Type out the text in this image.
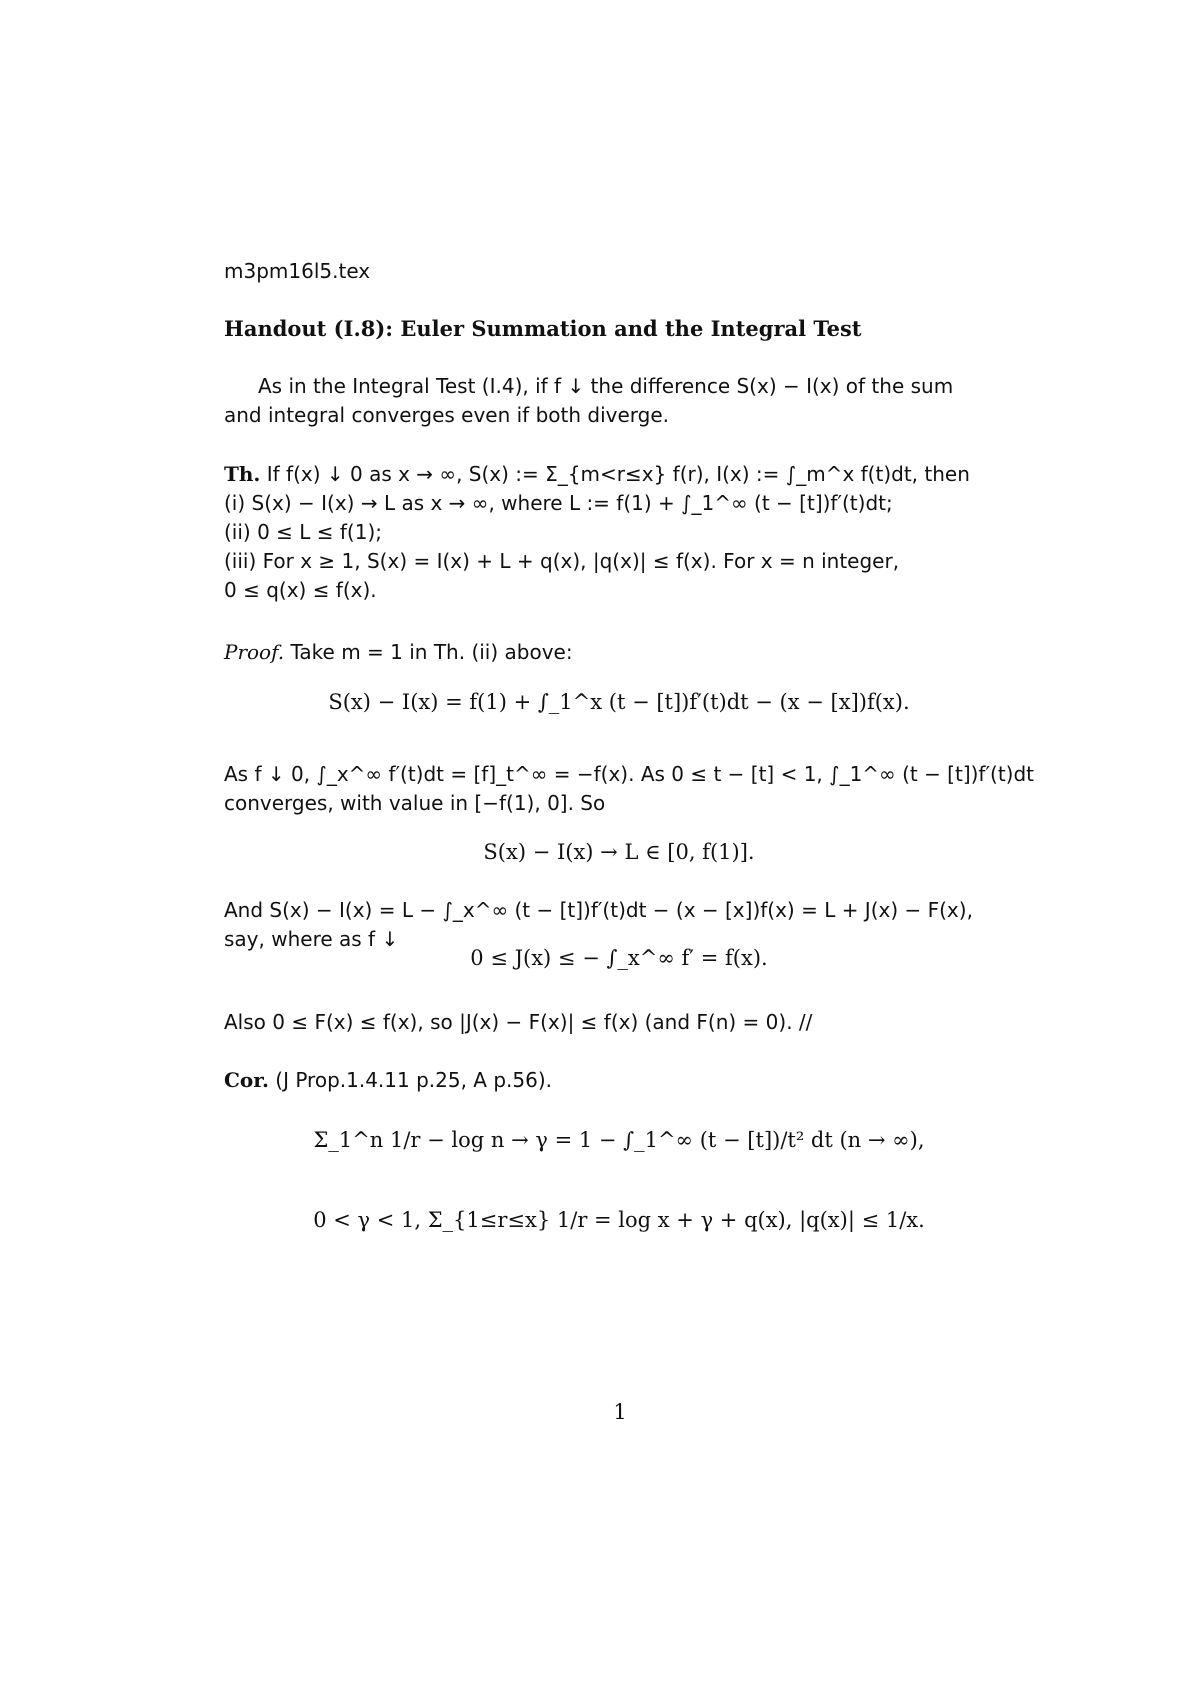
m3pm16l5.tex
Handout (I.8): Euler Summation and the Integral Test
As in the Integral Test (I.4), if f ↓ the difference S(x) − I(x) of the sum
and integral converges even if both diverge.
Th. If f(x) ↓ 0 as x → ∞, S(x) := Σ_{m<r≤x} f(r), I(x) := ∫_m^x f(t)dt, then
(i) S(x) − I(x) → L as x → ∞, where L := f(1) + ∫_1^∞ (t − [t])f′(t)dt;
(ii) 0 ≤ L ≤ f(1);
(iii) For x ≥ 1, S(x) = I(x) + L + q(x), |q(x)| ≤ f(x). For x = n integer,
0 ≤ q(x) ≤ f(x).
Proof. Take m = 1 in Th. (ii) above:
S(x) − I(x) = f(1) + ∫_1^x (t − [t])f′(t)dt − (x − [x])f(x).
As f ↓ 0, ∫_x^∞ f′(t)dt = [f]_t^∞ = −f(x). As 0 ≤ t − [t] < 1, ∫_1^∞ (t − [t])f′(t)dt
converges, with value in [−f(1), 0]. So
S(x) − I(x) → L ∈ [0, f(1)].
And S(x) − I(x) = L − ∫_x^∞ (t − [t])f′(t)dt − (x − [x])f(x) = L + J(x) − F(x),
say, where as f ↓
0 ≤ J(x) ≤ − ∫_x^∞ f′ = f(x).
Also 0 ≤ F(x) ≤ f(x), so |J(x) − F(x)| ≤ f(x) (and F(n) = 0). //
Cor. (J Prop.1.4.11 p.25, A p.56).
Σ_1^n 1/r − log n → γ = 1 − ∫_1^∞ (t − [t])/t² dt (n → ∞),
0 < γ < 1, Σ_{1≤r≤x} 1/r = log x + γ + q(x), |q(x)| ≤ 1/x.
1
